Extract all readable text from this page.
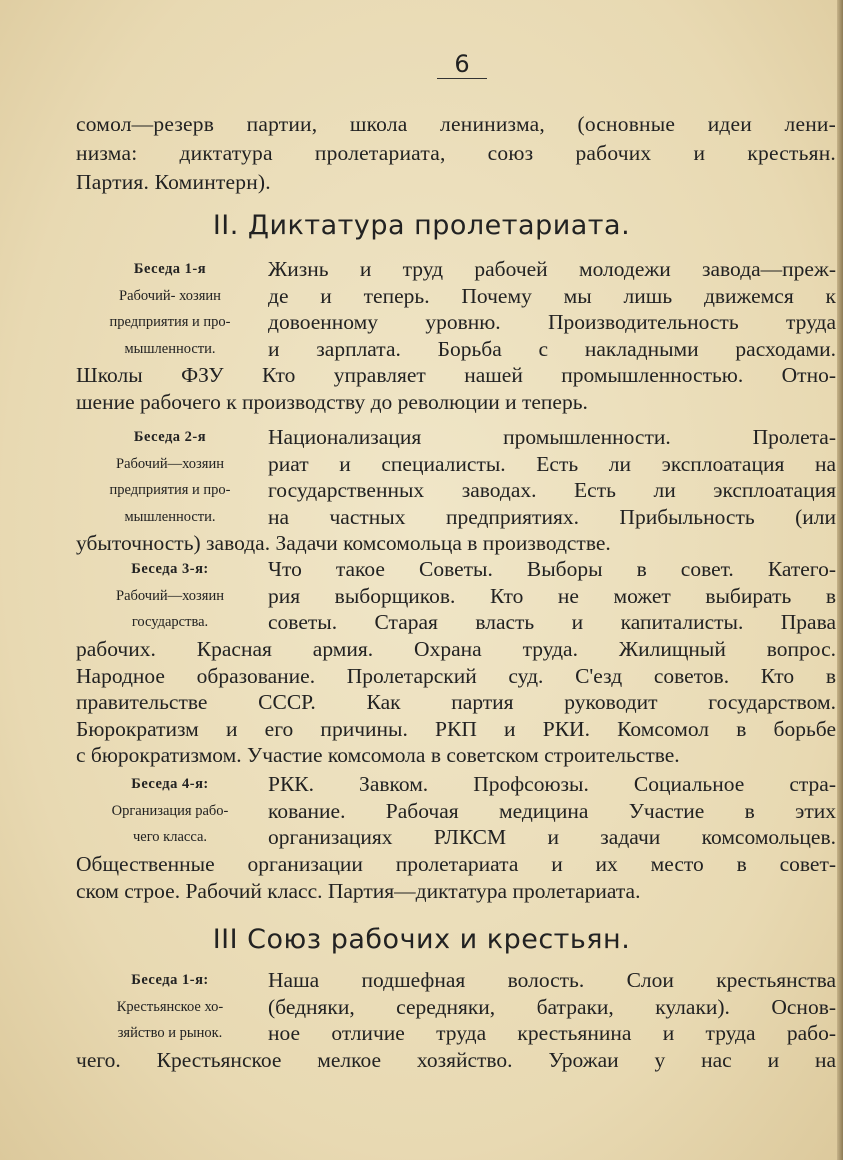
6
сомол—резерв партии, школа ленинизма, (основные идеи лени-
низма: диктатура пролетариата, союз рабочих и крестьян.
Партия. Коминтерн).
II. Диктатура пролетариата.
Беседа 1-я
Рабочий- хозяин
предприятия и про-
мышленности.
Жизнь и труд рабочей молодежи завода—преж-
де и теперь. Почему мы лишь движемся к
довоенному уровню. Производительность труда
и зарплата. Борьба с накладными расходами.
Школы ФЗУ Кто управляет нашей промышленностью. Отно-
шение рабочего к производству до революции и теперь.
Беседа 2-я
Рабочий—хозяин
предприятия и про-
мышленности.
Национализация промышленности. Пролета-
риат и специалисты. Есть ли эксплоатация на
государственных заводах. Есть ли эксплоатация
на частных предприятиях. Прибыльность (или
убыточность) завода. Задачи комсомольца в производстве.
Беседа 3-я:
Рабочий—хозяин
государства.
Что такое Советы. Выборы в совет. Катего-
рия выборщиков. Кто не может выбирать в
советы. Старая власть и капиталисты. Права
рабочих. Красная армия. Охрана труда. Жилищный вопрос.
Народное образование. Пролетарский суд. С'езд советов. Кто в
правительстве СССР. Как партия руководит государством.
Бюрократизм и его причины. РКП и РКИ. Комсомол в борьбе
с бюрократизмом. Участие комсомола в советском строительстве.
Беседа 4-я:
Организация рабо-
чего класса.
РКК. Завком. Профсоюзы. Социальное стра-
кование. Рабочая медицина Участие в этих
организациях РЛКСМ и задачи комсомольцев.
Общественные организации пролетариата и их место в совет-
ском строе. Рабочий класс. Партия—диктатура пролетариата.
III Союз рабочих и крестьян.
Беседа 1-я:
Крестьянское хо-
зяйство и рынок.
Наша подшефная волость. Слои крестьянства
(бедняки, середняки, батраки, кулаки). Основ-
ное отличие труда крестьянина и труда рабо-
чего. Крестьянское мелкое хозяйство. Урожаи у нас и на
